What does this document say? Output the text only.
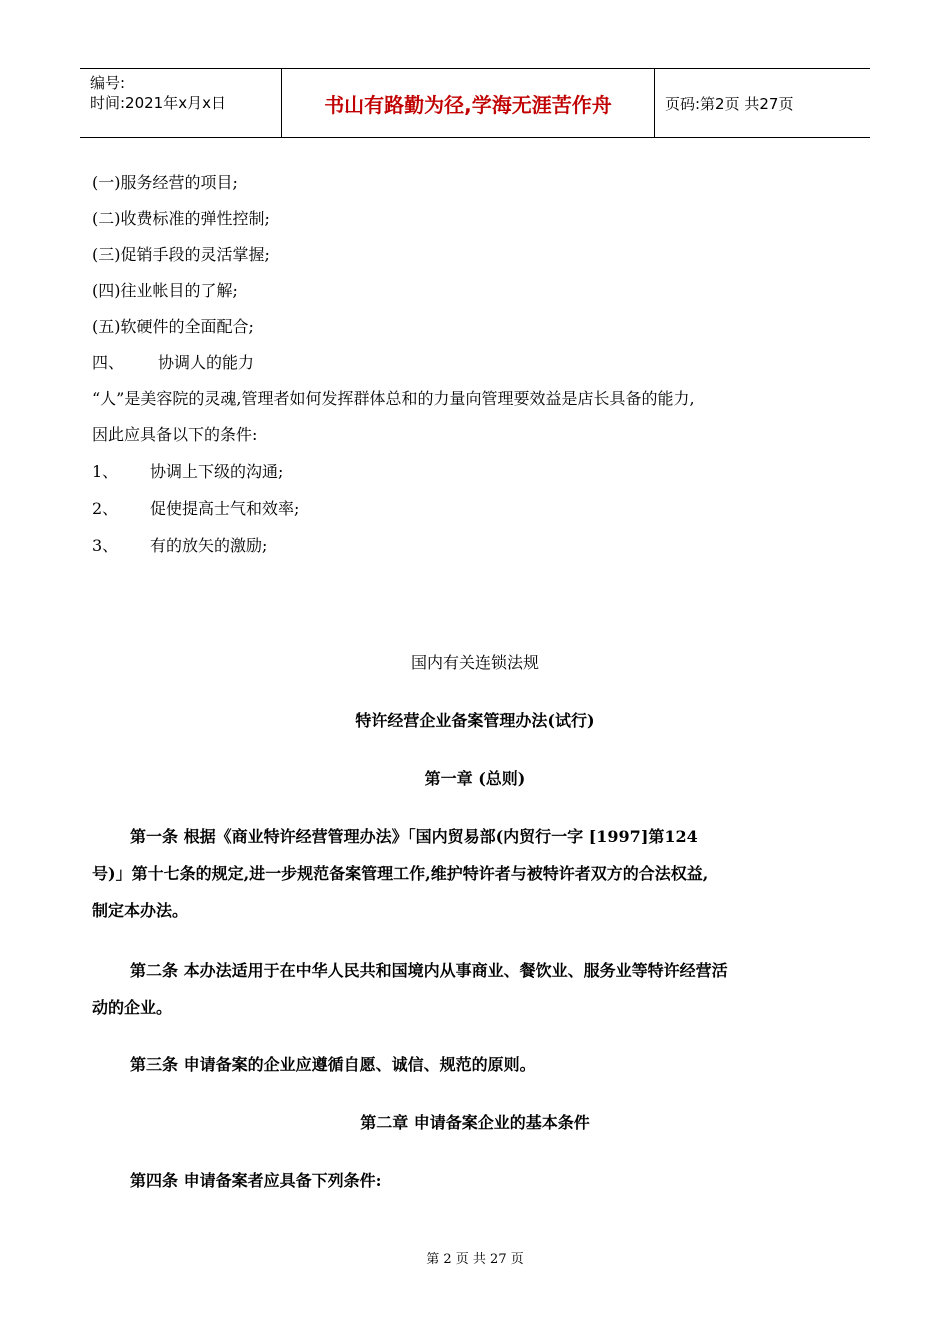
编号:
时间:2021年x月x日	书山有路勤为径,学海无涯苦作舟	页码:第2页 共27页
(一)服务经营的项目;
(二)收费标准的弹性控制;
(三)促销手段的灵活掌握;
(四)往业帐目的了解;
(五)软硬件的全面配合;
四、 协调人的能力
“人”是美容院的灵魂,管理者如何发挥群体总和的力量向管理要效益是店长具备的能力,
因此应具备以下的条件:
1、 协调上下级的沟通;
2、 促使提高士气和效率;
3、 有的放矢的激励;
国内有关连锁法规
特许经营企业备案管理办法(试行)
第一章 (总则)
第一条 根据《商业特许经营管理办法》「国内贸易部(内贸行一字 [1997]第124
号)」第十七条的规定,进一步规范备案管理工作,维护特许者与被特许者双方的合法权益,
制定本办法。
第二条 本办法适用于在中华人民共和国境内从事商业、餐饮业、服务业等特许经营活
动的企业。
第三条 申请备案的企业应遵循自愿、诚信、规范的原则。
第二章 申请备案企业的基本条件
第四条 申请备案者应具备下列条件:
第 2 页 共 27 页
